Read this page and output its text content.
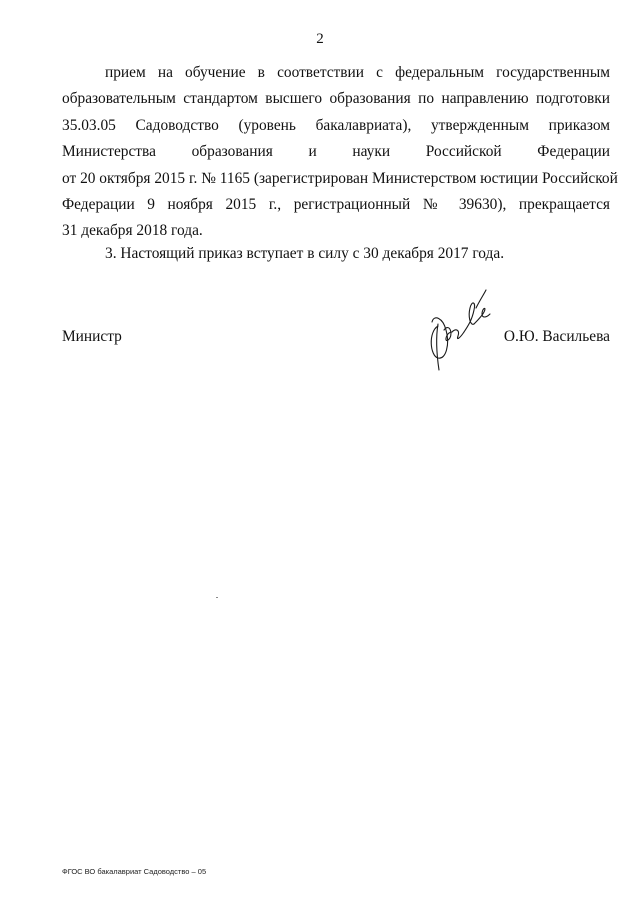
2
прием на обучение в соответствии с федеральным государственным
образовательным стандартом высшего образования по направлению подготовки
35.03.05 Садоводство (уровень бакалавриата), утвержденным приказом
Министерства образования и науки Российской Федерации
от 20 октября 2015 г. № 1165 (зарегистрирован Министерством юстиции Российской
Федерации 9 ноября 2015 г., регистрационный № 39630), прекращается
31 декабря 2018 года.
3. Настоящий приказ вступает в силу с 30 декабря 2017 года.
Министр	О.Ю. Васильева
ФГОС ВО бакалавриат Садоводство – 05
